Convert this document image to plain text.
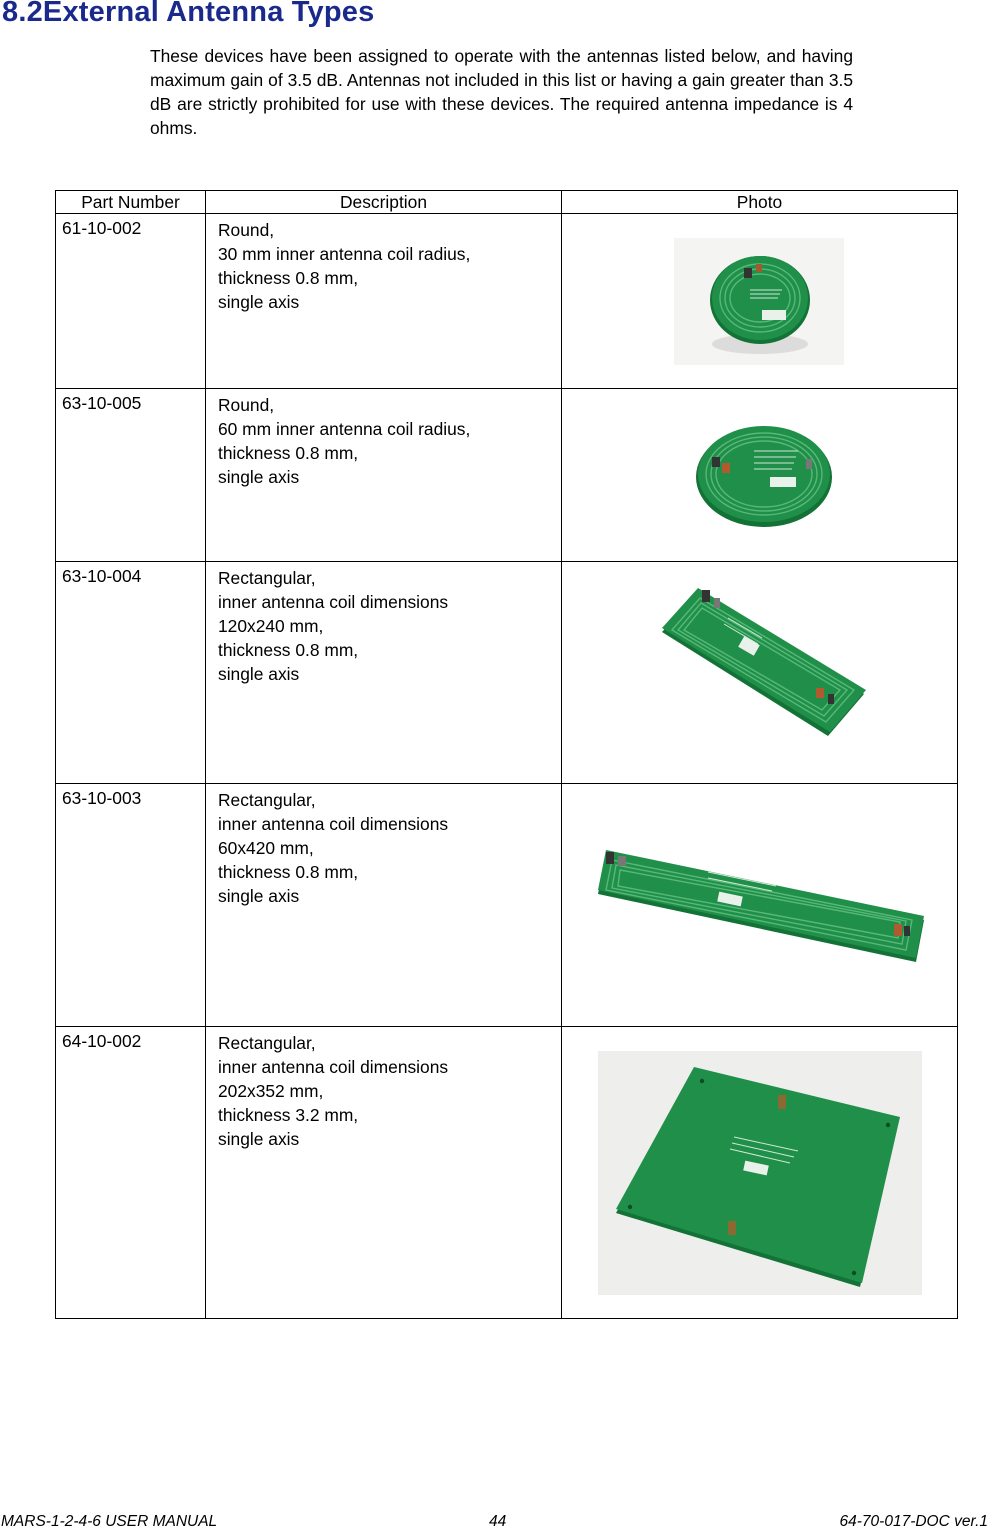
8.2External Antenna Types

These devices have been assigned to operate with the antennas listed below, and having maximum gain of 3.5 dB. Antennas not included in this list or having a gain greater than 3.5 dB are strictly prohibited for use with these devices. The required antenna impedance is 4 ohms.

Part Number	Description	Photo
61-10-002	Round,
30 mm inner antenna coil radius,
thickness 0.8 mm,
single axis

63-10-005	Round,
60 mm inner antenna coil radius,
thickness 0.8 mm,
single axis

63-10-004	Rectangular,
inner antenna coil dimensions
120x240 mm,
thickness 0.8 mm,
single axis

63-10-003	Rectangular,
inner antenna coil dimensions
60x420 mm,
thickness 0.8 mm,
single axis

64-10-002	Rectangular,
inner antenna coil dimensions
202x352 mm,
thickness 3.2 mm,
single axis

MARS-1-2-4-6 USER MANUAL	44	64-70-017-DOC ver.1
